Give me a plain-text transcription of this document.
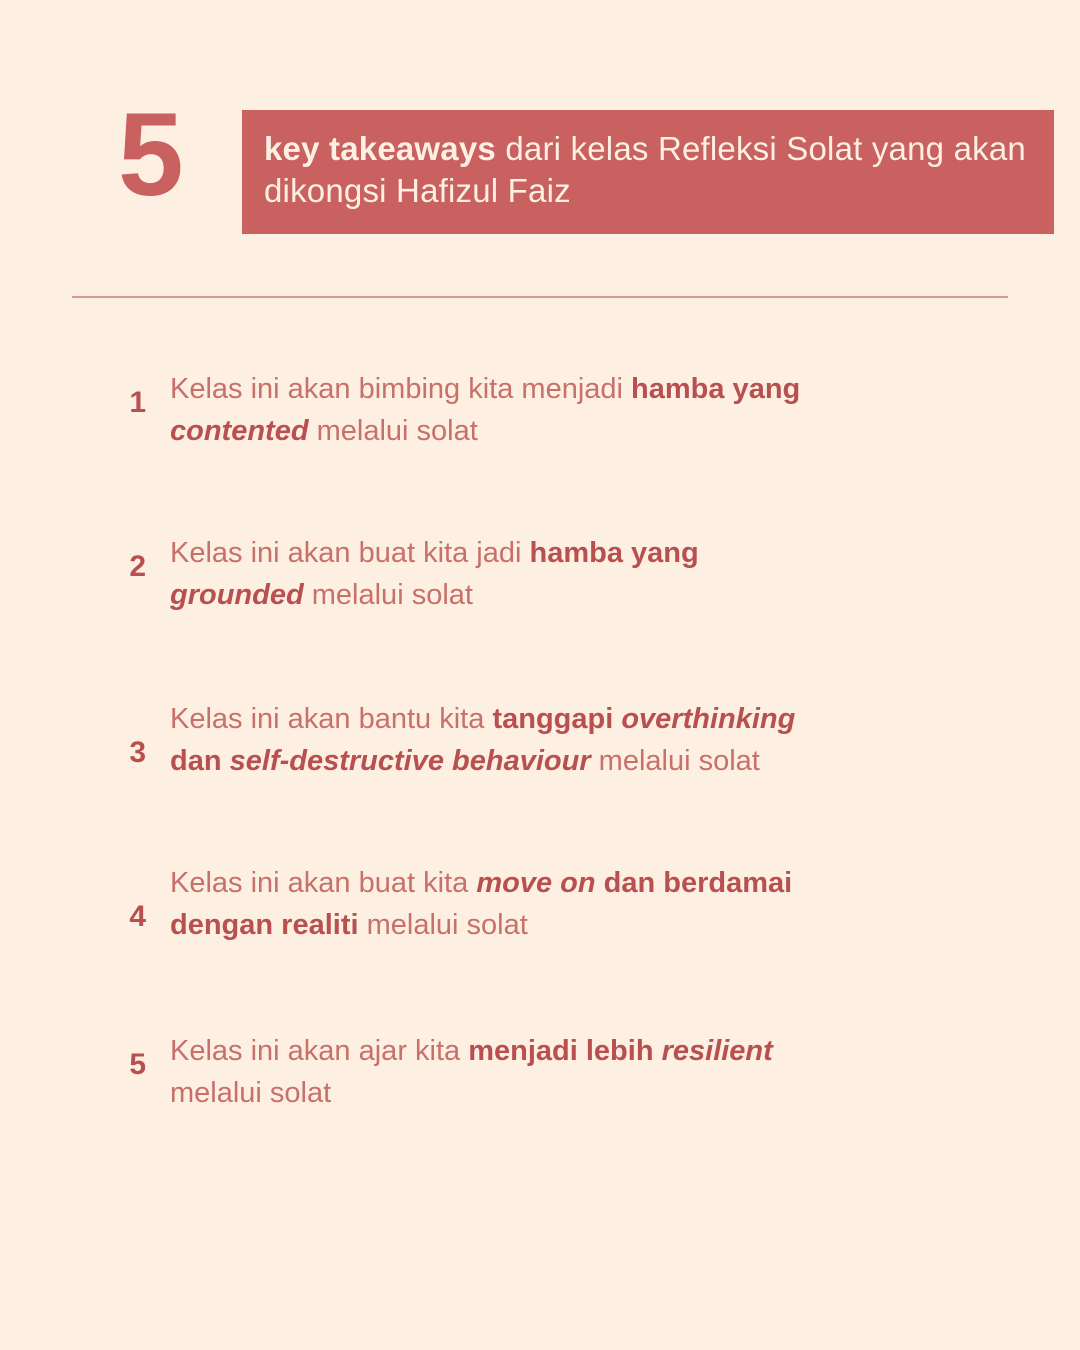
5 key takeaways dari kelas Refleksi Solat yang akan dikongsi Hafizul Faiz
1 Kelas ini akan bimbing kita menjadi hamba yang contented melalui solat
2 Kelas ini akan buat kita jadi hamba yang grounded melalui solat
3
Kelas ini akan bantu kita tanggapi overthinking dan self-destructive behaviour melalui solat
4
Kelas ini akan buat kita move on dan berdamai dengan realiti melalui solat
5 Kelas ini akan ajar kita menjadi lebih resilient melalui solat
